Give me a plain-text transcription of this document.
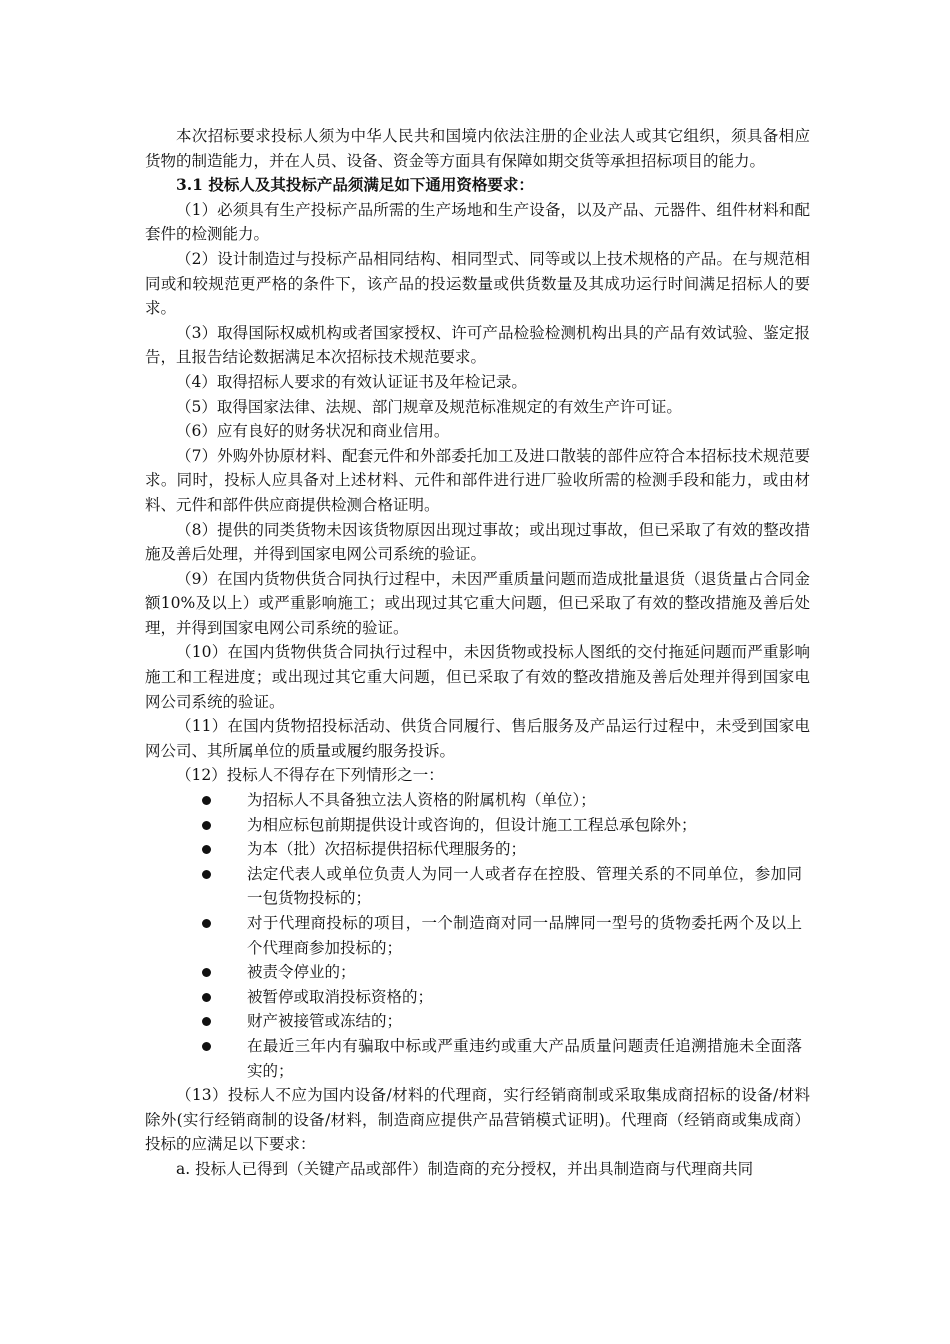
本次招标要求投标人须为中华人民共和国境内依法注册的企业法人或其它组织，须具备相应货物的制造能力，并在人员、设备、资金等方面具有保障如期交货等承担招标项目的能力。

3.1 投标人及其投标产品须满足如下通用资格要求：

（1）必须具有生产投标产品所需的生产场地和生产设备，以及产品、元器件、组件材料和配套件的检测能力。

（2）设计制造过与投标产品相同结构、相同型式、同等或以上技术规格的产品。在与规范相同或和较规范更严格的条件下，该产品的投运数量或供货数量及其成功运行时间满足招标人的要求。

（3）取得国际权威机构或者国家授权、许可产品检验检测机构出具的产品有效试验、鉴定报告，且报告结论数据满足本次招标技术规范要求。

（4）取得招标人要求的有效认证证书及年检记录。

（5）取得国家法律、法规、部门规章及规范标准规定的有效生产许可证。

（6）应有良好的财务状况和商业信用。

（7）外购外协原材料、配套元件和外部委托加工及进口散装的部件应符合本招标技术规范要求。同时，投标人应具备对上述材料、元件和部件进行进厂验收所需的检测手段和能力，或由材料、元件和部件供应商提供检测合格证明。

（8）提供的同类货物未因该货物原因出现过事故；或出现过事故，但已采取了有效的整改措施及善后处理，并得到国家电网公司系统的验证。

（9）在国内货物供货合同执行过程中，未因严重质量问题而造成批量退货（退货量占合同金额10%及以上）或严重影响施工；或出现过其它重大问题，但已采取了有效的整改措施及善后处理，并得到国家电网公司系统的验证。

（10）在国内货物供货合同执行过程中，未因货物或投标人图纸的交付拖延问题而严重影响施工和工程进度；或出现过其它重大问题，但已采取了有效的整改措施及善后处理并得到国家电网公司系统的验证。

（11）在国内货物招投标活动、供货合同履行、售后服务及产品运行过程中，未受到国家电网公司、其所属单位的质量或履约服务投诉。

（12）投标人不得存在下列情形之一：

为招标人不具备独立法人资格的附属机构（单位）；
为相应标包前期提供设计或咨询的，但设计施工工程总承包除外；
为本（批）次招标提供招标代理服务的；
法定代表人或单位负责人为同一人或者存在控股、管理关系的不同单位，参加同一包货物投标的；
对于代理商投标的项目，一个制造商对同一品牌同一型号的货物委托两个及以上个代理商参加投标的；
被责令停业的；
被暂停或取消投标资格的；
财产被接管或冻结的；
在最近三年内有骗取中标或严重违约或重大产品质量问题责任追溯措施未全面落实的；

（13）投标人不应为国内设备/材料的代理商，实行经销商制或采取集成商招标的设备/材料除外(实行经销商制的设备/材料，制造商应提供产品营销模式证明)。代理商（经销商或集成商）投标的应满足以下要求：

a. 投标人已得到（关键产品或部件）制造商的充分授权，并出具制造商与代理商共同
